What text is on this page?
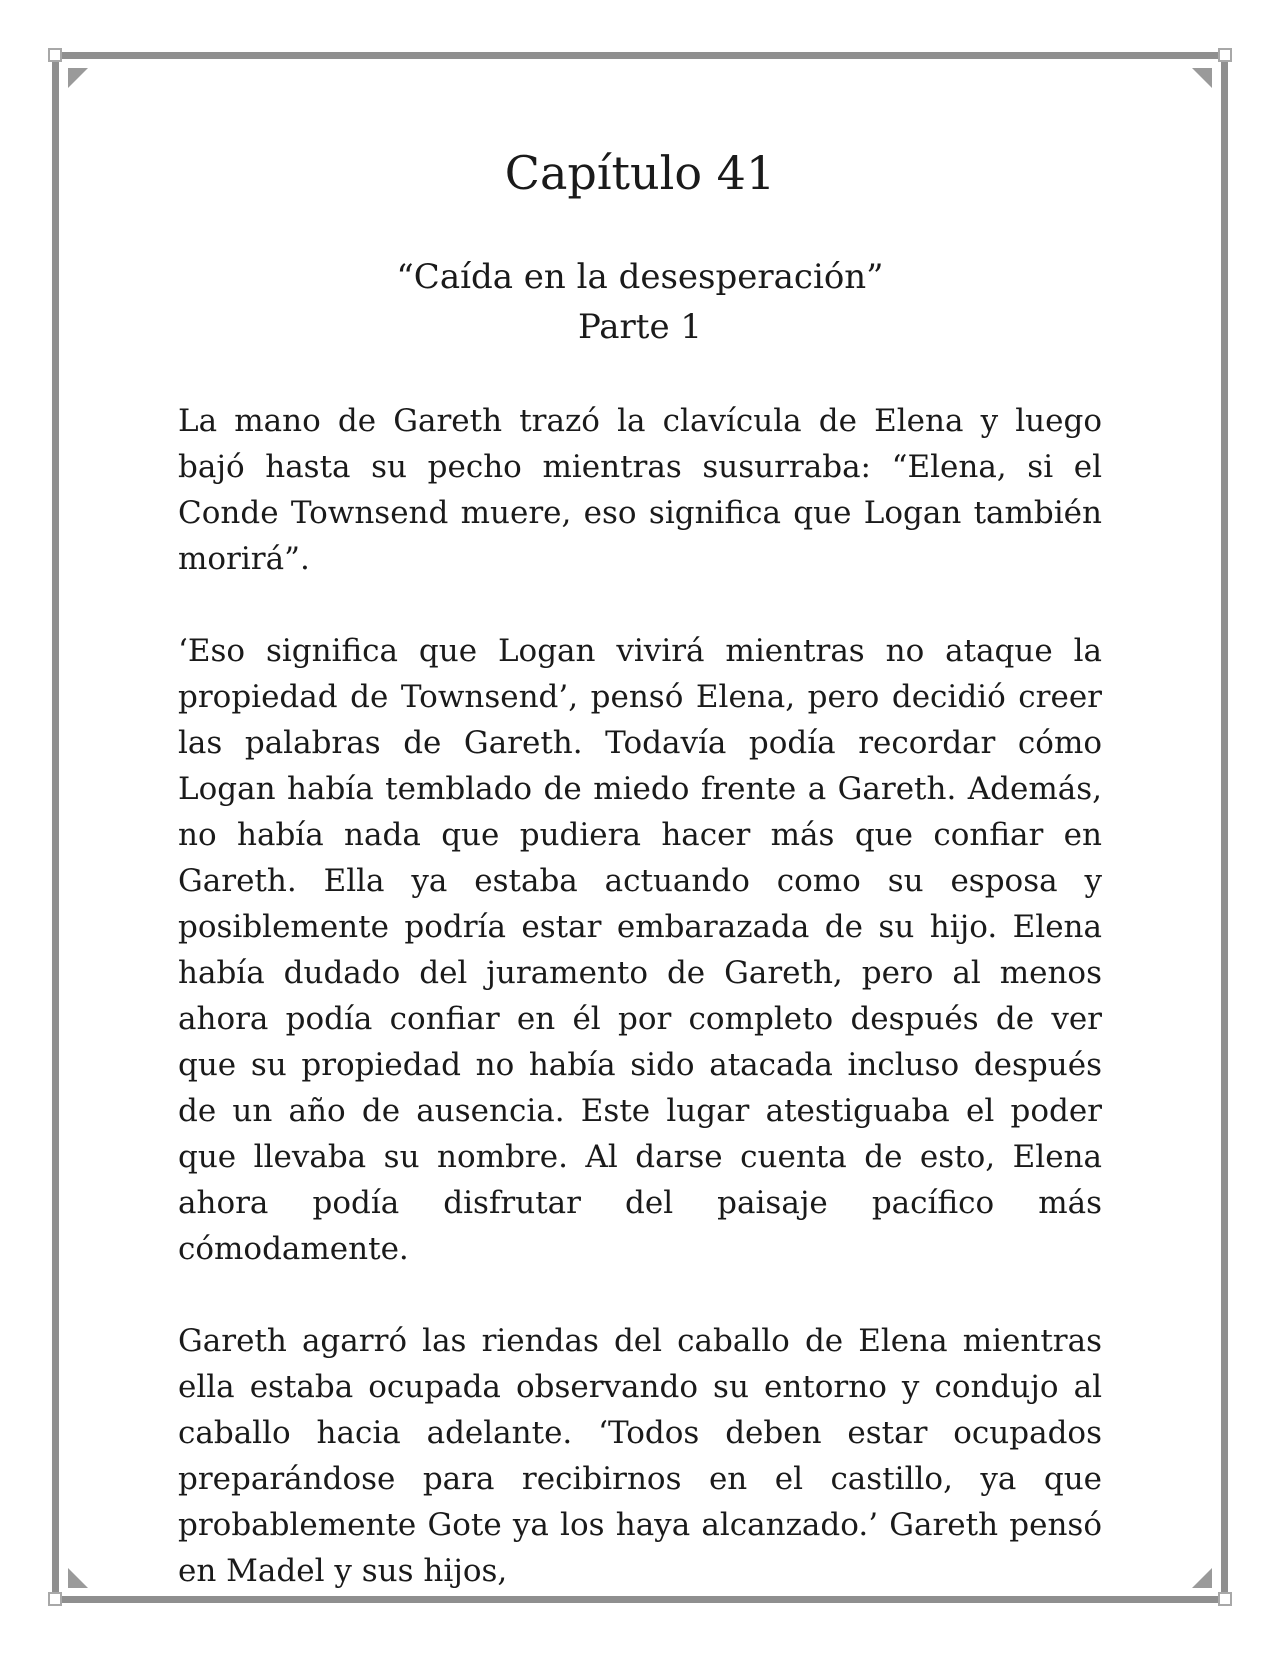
Capítulo 41
“Caída en la desesperación”
Parte 1

La mano de Gareth trazó la clavícula de Elena y luego bajó hasta su pecho mientras susurraba: “Elena, si el Conde Townsend muere, eso significa que Logan también morirá”.

‘Eso significa que Logan vivirá mientras no ataque la propiedad de Townsend’, pensó Elena, pero decidió creer las palabras de Gareth. Todavía podía recordar cómo Logan había temblado de miedo frente a Gareth. Además, no había nada que pudiera hacer más que confiar en Gareth. Ella ya estaba actuando como su esposa y posiblemente podría estar embarazada de su hijo. Elena había dudado del juramento de Gareth, pero al menos ahora podía confiar en él por completo después de ver que su propiedad no había sido atacada incluso después de un año de ausencia. Este lugar atestiguaba el poder que llevaba su nombre. Al darse cuenta de esto, Elena ahora podía disfrutar del paisaje pacífico más cómodamente.

Gareth agarró las riendas del caballo de Elena mientras ella estaba ocupada observando su entorno y condujo al caballo hacia adelante. ‘Todos deben estar ocupados preparándose para recibirnos en el castillo, ya que probablemente Gote ya los haya alcanzado.’ Gareth pensó en Madel y sus hijos,
